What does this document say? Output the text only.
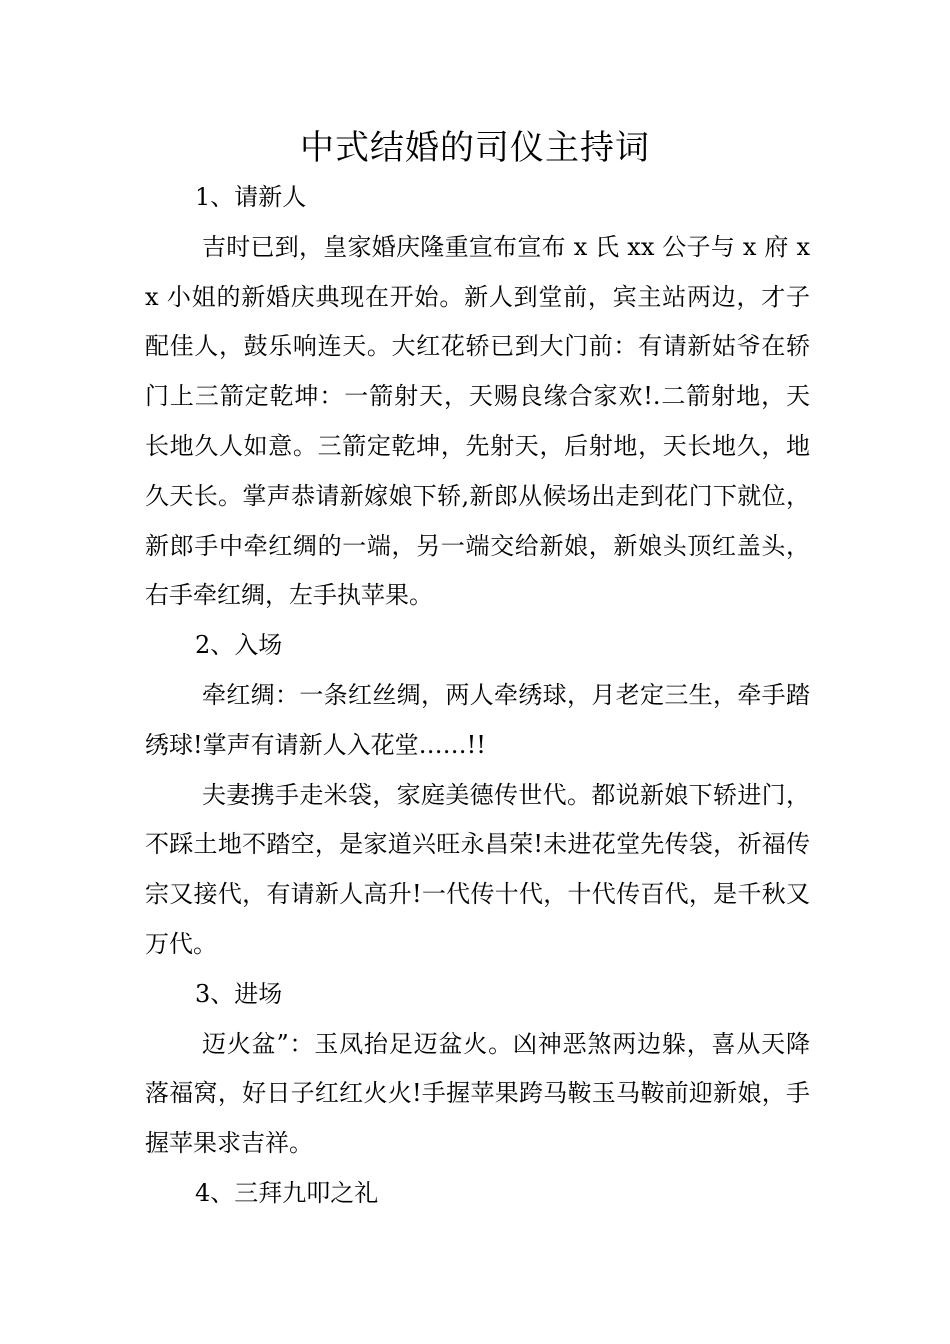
中式结婚的司仪主持词

1、请新人

吉时已到，皇家婚庆隆重宣布宣布 x 氏 xx 公子与 x 府 xx 小姐的新婚庆典现在开始。新人到堂前，宾主站两边，才子配佳人，鼓乐响连天。大红花轿已到大门前：有请新姑爷在轿门上三箭定乾坤：一箭射天，天赐良缘合家欢!.二箭射地，天长地久人如意。三箭定乾坤，先射天，后射地，天长地久，地久天长。掌声恭请新嫁娘下轿,新郎从候场出走到花门下就位，新郎手中牵红绸的一端，另一端交给新娘，新娘头顶红盖头，右手牵红绸，左手执苹果。

2、入场

牵红绸：一条红丝绸，两人牵绣球，月老定三生，牵手踏绣球!掌声有请新人入花堂……!!

夫妻携手走米袋，家庭美德传世代。都说新娘下轿进门，不踩土地不踏空，是家道兴旺永昌荣!未进花堂先传袋，祈福传宗又接代，有请新人高升!一代传十代，十代传百代，是千秋又万代。

3、进场

迈火盆”：玉凤抬足迈盆火。凶神恶煞两边躲，喜从天降落福窝，好日子红红火火!手握苹果跨马鞍玉马鞍前迎新娘，手握苹果求吉祥。

4、三拜九叩之礼
